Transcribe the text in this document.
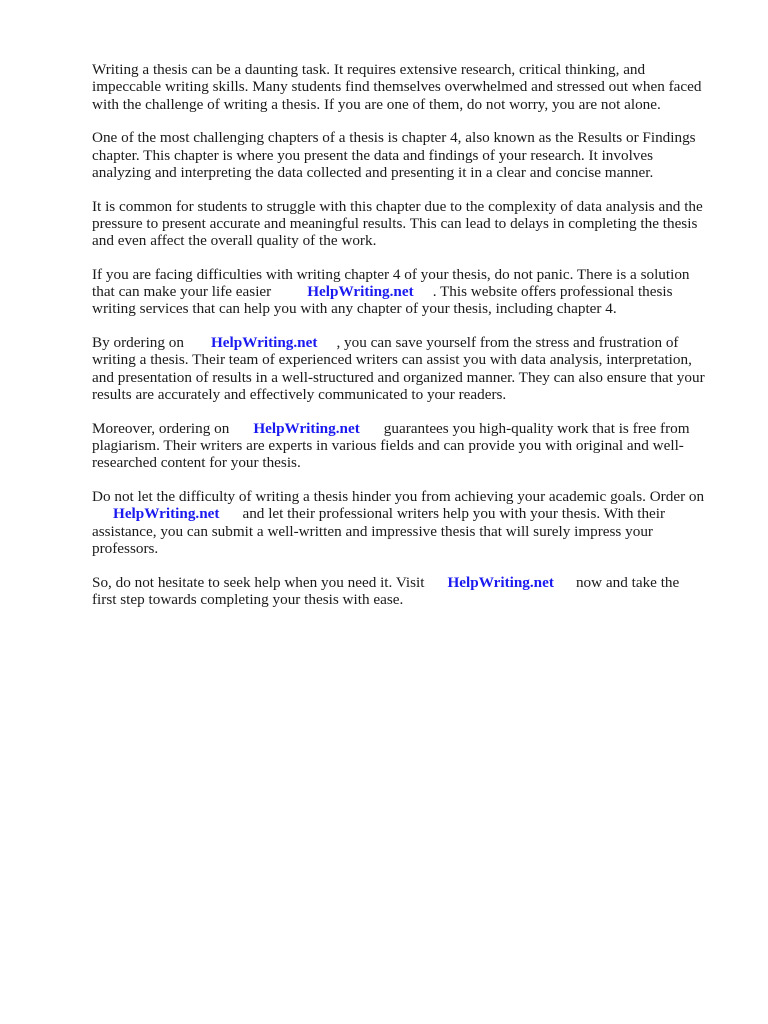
Writing a thesis can be a daunting task. It requires extensive research, critical thinking, and
impeccable writing skills. Many students find themselves overwhelmed and stressed out when faced
with the challenge of writing a thesis. If you are one of them, do not worry, you are not alone.

One of the most challenging chapters of a thesis is chapter 4, also known as the Results or Findings
chapter. This chapter is where you present the data and findings of your research. It involves
analyzing and interpreting the data collected and presenting it in a clear and concise manner.

It is common for students to struggle with this chapter due to the complexity of data analysis and the
pressure to present accurate and meaningful results. This can lead to delays in completing the thesis
and even affect the overall quality of the work.

If you are facing difficulties with writing chapter 4 of your thesis, do not panic. There is a solution
that can make your life easier HelpWriting.net . This website offers professional thesis
writing services that can help you with any chapter of your thesis, including chapter 4.

By ordering on HelpWriting.net , you can save yourself from the stress and frustration of
writing a thesis. Their team of experienced writers can assist you with data analysis, interpretation,
and presentation of results in a well-structured and organized manner. They can also ensure that your
results are accurately and effectively communicated to your readers.

Moreover, ordering on HelpWriting.net guarantees you high-quality work that is free from
plagiarism. Their writers are experts in various fields and can provide you with original and well-
researched content for your thesis.

Do not let the difficulty of writing a thesis hinder you from achieving your academic goals. Order on
HelpWriting.net and let their professional writers help you with your thesis. With their
assistance, you can submit a well-written and impressive thesis that will surely impress your
professors.

So, do not hesitate to seek help when you need it. Visit HelpWriting.net now and take the
first step towards completing your thesis with ease.
